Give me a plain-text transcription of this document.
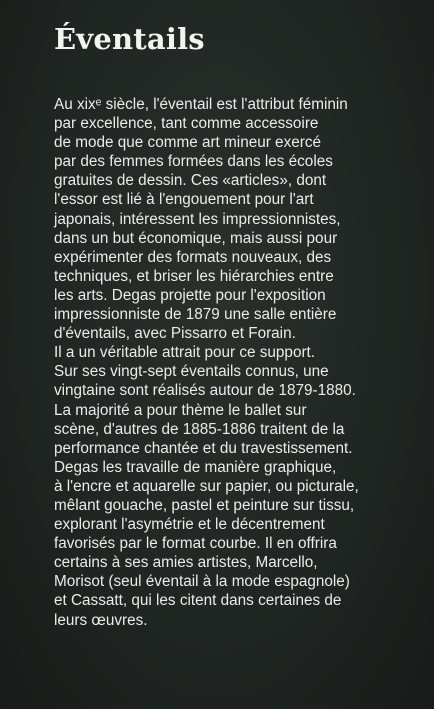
Éventails
Au xixᵉ siècle, l'éventail est l'attribut féminin
par excellence, tant comme accessoire
de mode que comme art mineur exercé
par des femmes formées dans les écoles
gratuites de dessin. Ces «articles», dont
l'essor est lié à l'engouement pour l'art
japonais, intéressent les impressionnistes,
dans un but économique, mais aussi pour
expérimenter des formats nouveaux, des
techniques, et briser les hiérarchies entre
les arts. Degas projette pour l'exposition
impressionniste de 1879 une salle entière
d'éventails, avec Pissarro et Forain.
Il a un véritable attrait pour ce support.
Sur ses vingt-sept éventails connus, une
vingtaine sont réalisés autour de 1879-1880.
La majorité a pour thème le ballet sur
scène, d'autres de 1885-1886 traitent de la
performance chantée et du travestissement.
Degas les travaille de manière graphique,
à l'encre et aquarelle sur papier, ou picturale,
mêlant gouache, pastel et peinture sur tissu,
explorant l'asymétrie et le décentrement
favorisés par le format courbe. Il en offrira
certains à ses amies artistes, Marcello,
Morisot (seul éventail à la mode espagnole)
et Cassatt, qui les citent dans certaines de
leurs œuvres.
